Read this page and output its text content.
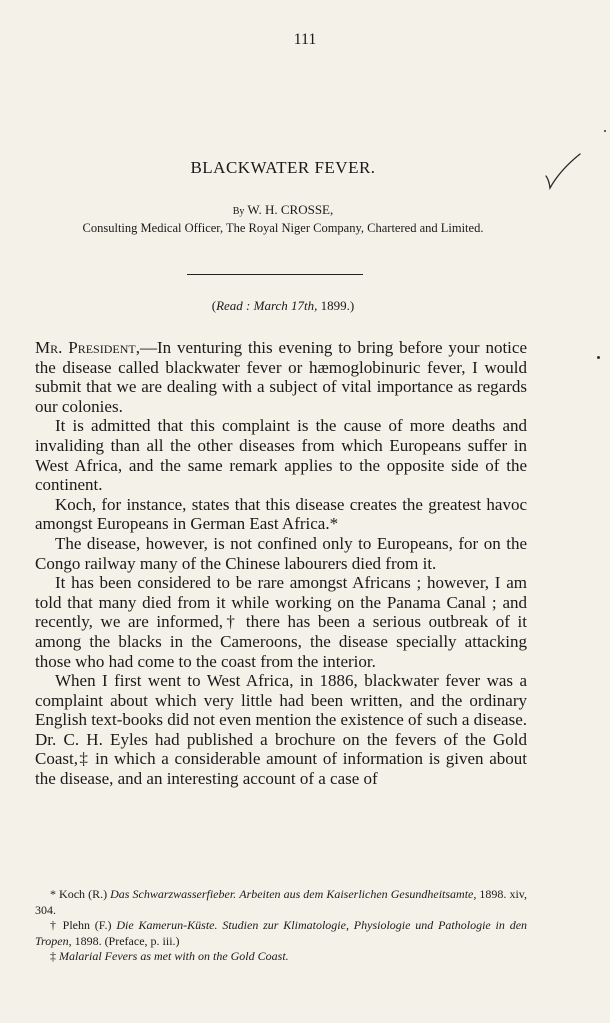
111
BLACKWATER FEVER.
By W. H. CROSSE,
Consulting Medical Officer, The Royal Niger Company, Chartered and Limited.
(Read : March 17th, 1899.)

Mr. President,—In venturing this evening to bring before your notice the disease called blackwater fever or hæmoglobinuric fever, I would submit that we are dealing with a subject of vital importance as regards our colonies.

It is admitted that this complaint is the cause of more deaths and invaliding than all the other diseases from which Europeans suffer in West Africa, and the same remark applies to the opposite side of the continent.

Koch, for instance, states that this disease creates the greatest havoc amongst Europeans in German East Africa.*

The disease, however, is not confined only to Europeans, for on the Congo railway many of the Chinese labourers died from it.

It has been considered to be rare amongst Africans ; however, I am told that many died from it while working on the Panama Canal ; and recently, we are informed,† there has been a serious outbreak of it among the blacks in the Cameroons, the disease specially attacking those who had come to the coast from the interior.

When I first went to West Africa, in 1886, blackwater fever was a complaint about which very little had been written, and the ordinary English text-books did not even mention the existence of such a disease. Dr. C. H. Eyles had published a brochure on the fevers of the Gold Coast,‡ in which a considerable amount of information is given about the disease, and an interesting account of a case of

* Koch (R.) Das Schwarzwasserfieber. Arbeiten aus dem Kaiserlichen Gesundheitsamte, 1898. xiv, 304.

† Plehn (F.) Die Kamerun-Küste. Studien zur Klimatologie, Physiologie und Pathologie in den Tropen, 1898. (Preface, p. iii.)

‡ Malarial Fevers as met with on the Gold Coast.
